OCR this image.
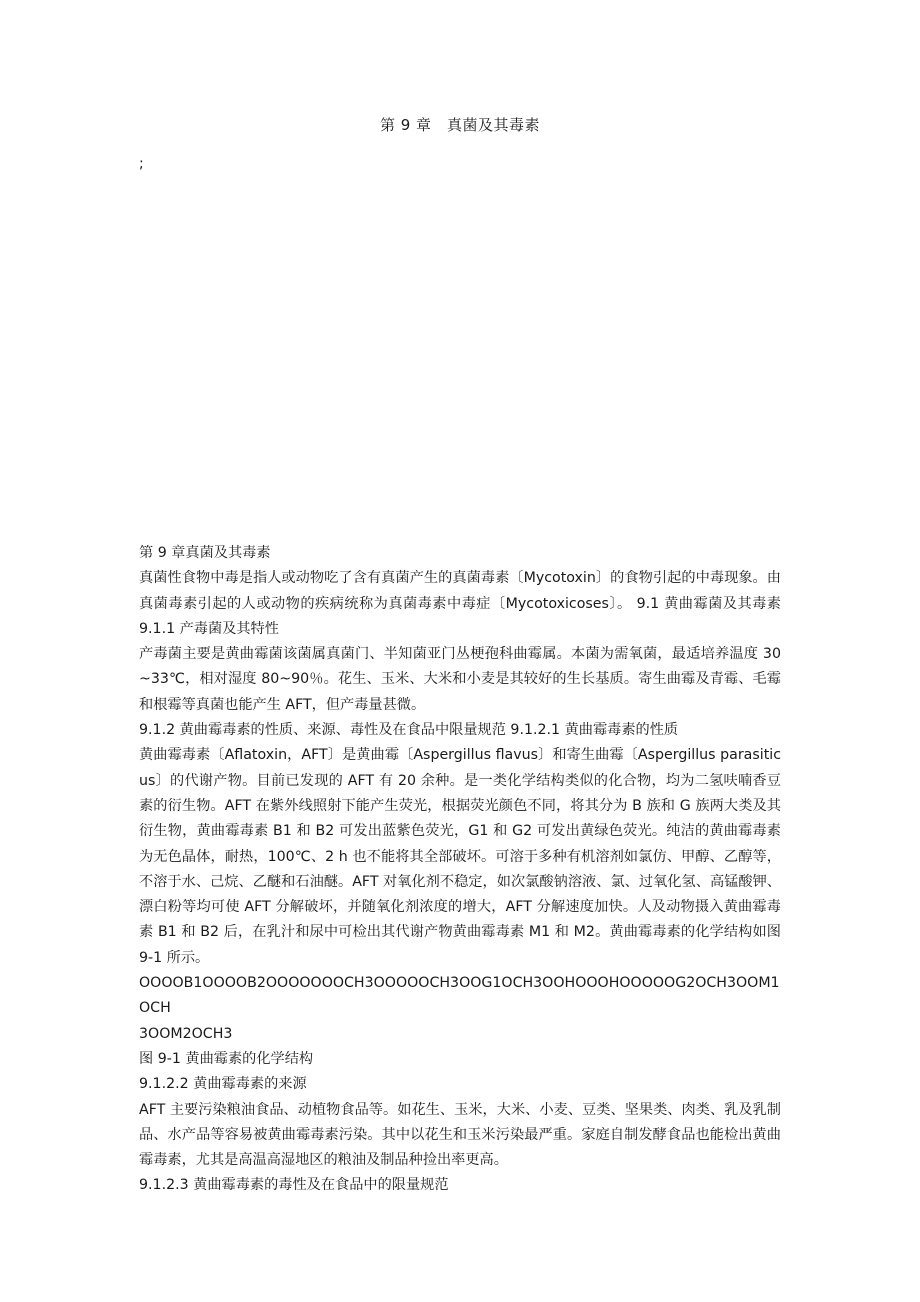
第 9 章　真菌及其毒素
;

第 9 章真菌及其毒素

真菌性食物中毒是指人或动物吃了含有真菌产生的真菌毒素〔Mycotoxin〕的食物引起的中毒现象。由真菌毒素引起的人或动物的疾病统称为真菌毒素中毒症〔Mycotoxicoses〕。 9.1 黄曲霉菌及其毒素 9.1.1 产毒菌及其特性

产毒菌主要是黄曲霉菌该菌属真菌门、半知菌亚门丛梗孢科曲霉属。本菌为需氧菌，最适培养温度 30~33℃，相对湿度 80~90％。花生、玉米、大米和小麦是其较好的生长基质。寄生曲霉及青霉、毛霉和根霉等真菌也能产生 AFT，但产毒量甚微。

9.1.2 黄曲霉毒素的性质、来源、毒性及在食品中限量规范 9.1.2.1 黄曲霉毒素的性质

黄曲霉毒素〔Aflatoxin，AFT〕是黄曲霉〔Aspergillus flavus〕和寄生曲霉〔Aspergillus parasiticus〕的代谢产物。目前已发现的 AFT 有 20 余种。是一类化学结构类似的化合物，均为二氢呋喃香豆素的衍生物。AFT 在紫外线照射下能产生荧光，根据荧光颜色不同，将其分为 B 族和 G 族两大类及其衍生物，黄曲霉毒素 B1 和 B2 可发出蓝紫色荧光，G1 和 G2 可发出黄绿色荧光。纯洁的黄曲霉毒素为无色晶体，耐热，100℃、2 h 也不能将其全部破坏。可溶于多种有机溶剂如氯仿、甲醇、乙醇等，不溶于水、己烷、乙醚和石油醚。AFT 对氧化剂不稳定，如次氯酸钠溶液、氯、过氧化氢、高锰酸钾、漂白粉等均可使 AFT 分解破坏，并随氧化剂浓度的增大，AFT 分解速度加快。人及动物摄入黄曲霉毒素 B1 和 B2 后，在乳汁和尿中可检出其代谢产物黄曲霉毒素 M1 和 M2。黄曲霉毒素的化学结构如图 9-1 所示。

OOOOB1OOOOB2OOOOOOOCH3OOOOOCH3OOG1OCH3OOHOOOHOOOOOG2OCH3OOM1OCH

3OOM2OCH3

图 9-1 黄曲霉素的化学结构

9.1.2.2 黄曲霉毒素的来源

AFT 主要污染粮油食品、动植物食品等。如花生、玉米，大米、小麦、豆类、坚果类、肉类、乳及乳制品、水产品等容易被黄曲霉毒素污染。其中以花生和玉米污染最严重。家庭自制发酵食品也能检出黄曲霉毒素，尤其是高温高湿地区的粮油及制品种捡出率更高。

9.1.2.3 黄曲霉毒素的毒性及在食品中的限量规范
